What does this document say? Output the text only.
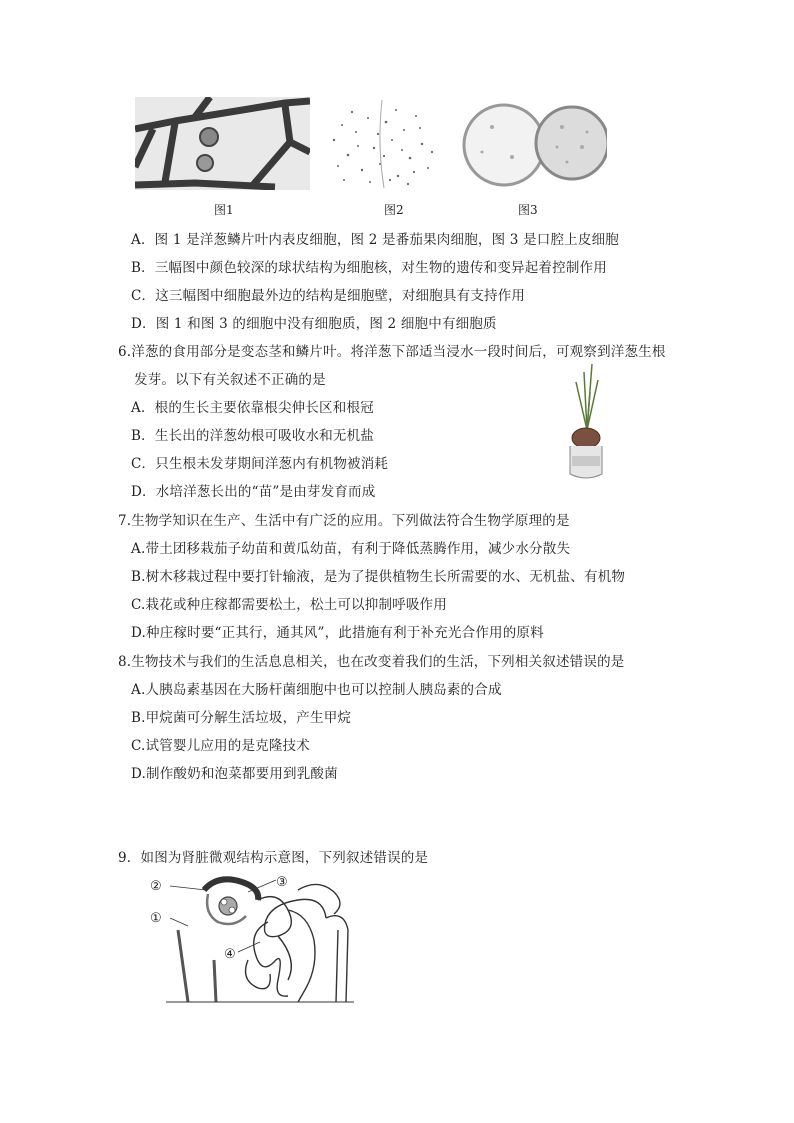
图1	图2	图3
A．图 1 是洋葱鳞片叶内表皮细胞，图 2 是番茄果肉细胞，图 3 是口腔上皮细胞
B．三幅图中颜色较深的球状结构为细胞核，对生物的遗传和变异起着控制作用
C．这三幅图中细胞最外边的结构是细胞壁，对细胞具有支持作用
D．图 1 和图 3 的细胞中没有细胞质，图 2 细胞中有细胞质
6.洋葱的食用部分是变态茎和鳞片叶。将洋葱下部适当浸水一段时间后，可观察到洋葱生根
发芽。以下有关叙述不正确的是
A．根的生长主要依靠根尖伸长区和根冠
B．生长出的洋葱幼根可吸收水和无机盐
C．只生根未发芽期间洋葱内有机物被消耗
D．水培洋葱长出的“苗”是由芽发育而成
7.生物学知识在生产、生活中有广泛的应用。下列做法符合生物学原理的是
A.带土团移栽茄子幼苗和黄瓜幼苗，有利于降低蒸腾作用，减少水分散失
B.树木移栽过程中要打针输液，是为了提供植物生长所需要的水、无机盐、有机物
C.栽花或种庄稼都需要松土，松土可以抑制呼吸作用
D.种庄稼时要“正其行，通其风”，此措施有利于补充光合作用的原料
8.生物技术与我们的生活息息相关，也在改变着我们的生活，下列相关叙述错误的是
A.人胰岛素基因在大肠杆菌细胞中也可以控制人胰岛素的合成
B.甲烷菌可分解生活垃圾，产生甲烷
C.试管婴儿应用的是克隆技术
D.制作酸奶和泡菜都要用到乳酸菌
9．如图为肾脏微观结构示意图，下列叙述错误的是
②
①
③
④
